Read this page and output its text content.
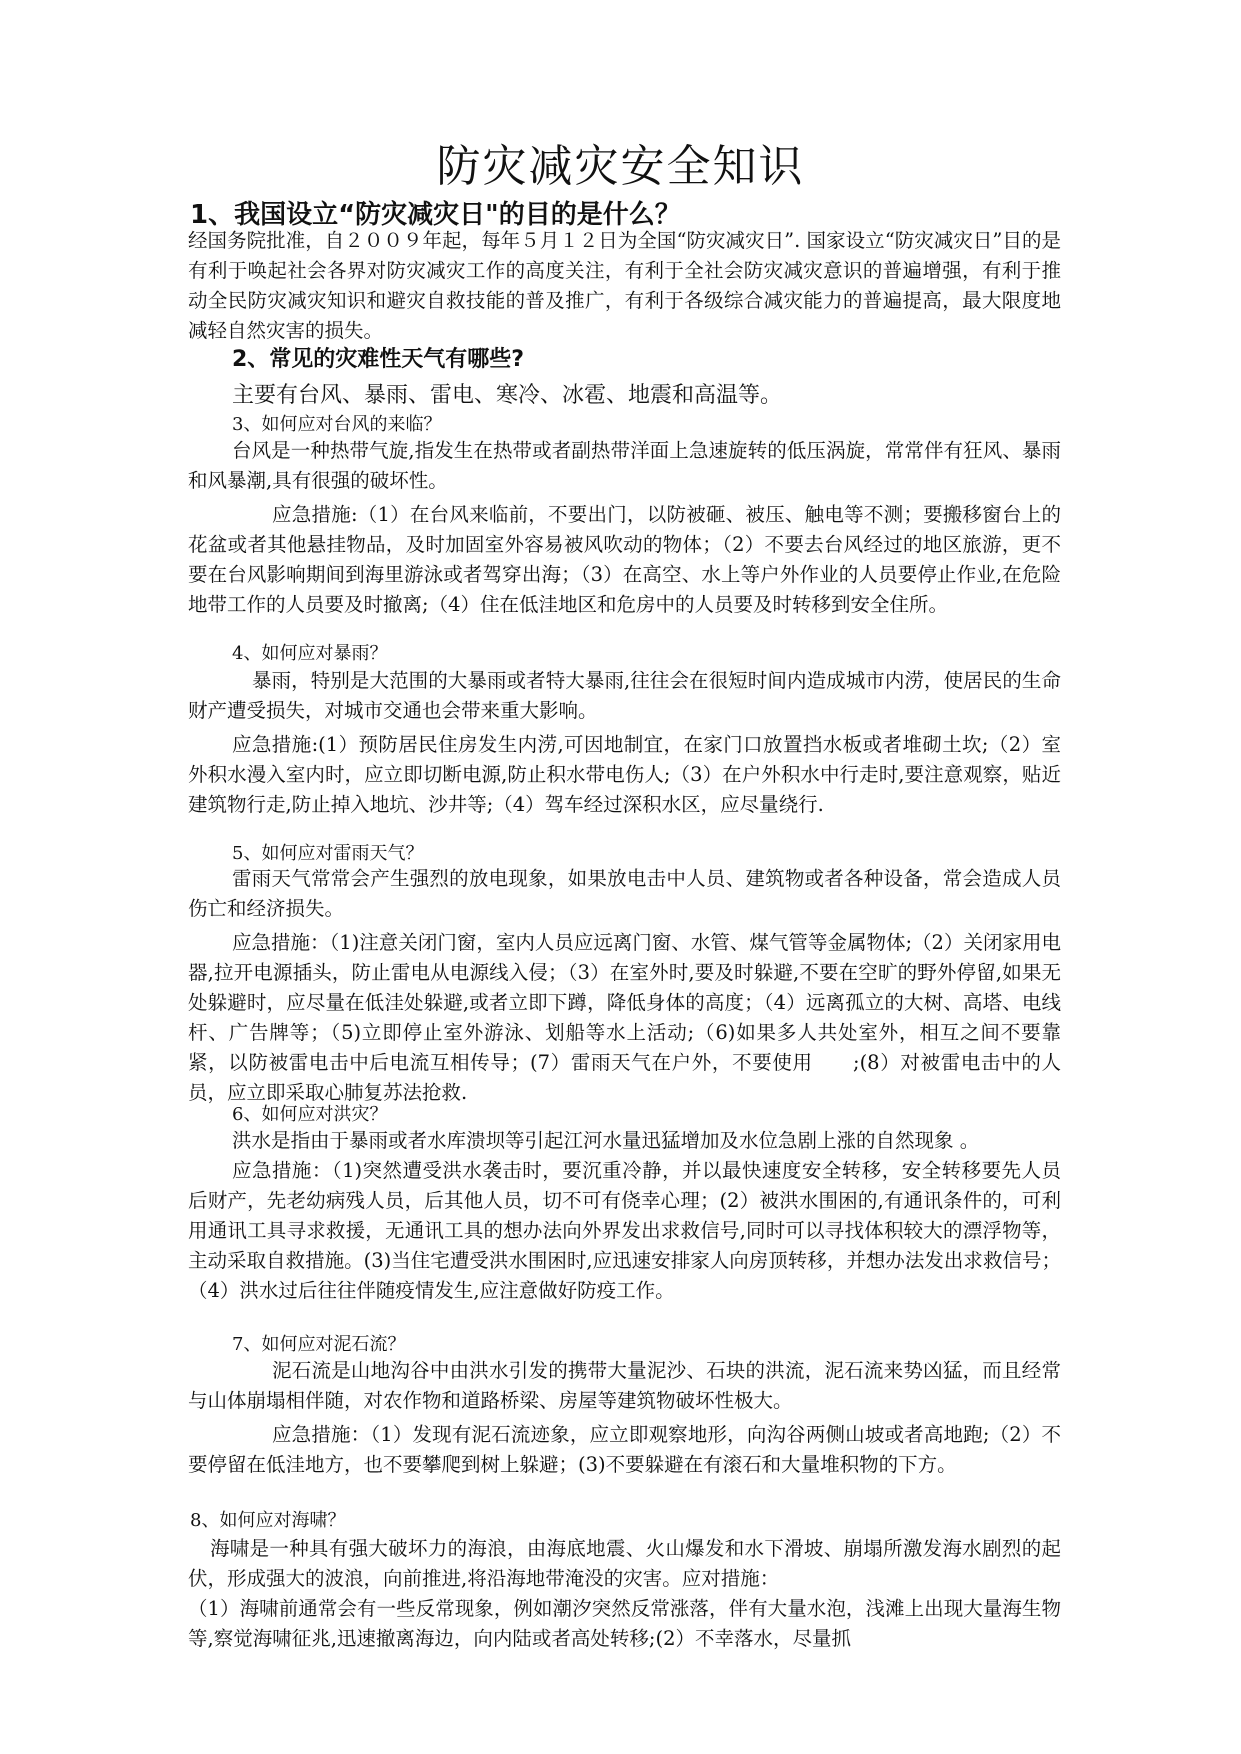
防灾减灾安全知识
1、我国设立“防灾减灾日"的目的是什么？

经国务院批准，自２００９年起，每年５月１２日为全国“防灾减灾日”. 国家设立“防灾减灾日”目的是有利于唤起社会各界对防灾减灾工作的高度关注，有利于全社会防灾减灾意识的普遍增强，有利于推动全民防灾减灾知识和避灾自救技能的普及推广，有利于各级综合减灾能力的普遍提高，最大限度地减轻自然灾害的损失。

2、常见的灾难性天气有哪些?
主要有台风、暴雨、雷电、寒冷、冰雹、地震和高温等。
3、如何应对台风的来临？

台风是一种热带气旋,指发生在热带或者副热带洋面上急速旋转的低压涡旋，常常伴有狂风、暴雨和风暴潮,具有很强的破坏性。

应急措施:（1）在台风来临前，不要出门，以防被砸、被压、触电等不测；要搬移窗台上的花盆或者其他悬挂物品，及时加固室外容易被风吹动的物体；（2）不要去台风经过的地区旅游，更不要在台风影响期间到海里游泳或者驾穿出海；（3）在高空、水上等户外作业的人员要停止作业,在危险地带工作的人员要及时撤离;（4）住在低洼地区和危房中的人员要及时转移到安全住所。

4、如何应对暴雨？

暴雨，特别是大范围的大暴雨或者特大暴雨,往往会在很短时间内造成城市内涝，使居民的生命财产遭受损失，对城市交通也会带来重大影响。

应急措施:(1）预防居民住房发生内涝,可因地制宜，在家门口放置挡水板或者堆砌土坎;（2）室外积水漫入室内时，应立即切断电源,防止积水带电伤人;（3）在户外积水中行走时,要注意观察，贴近建筑物行走,防止掉入地坑、沙井等;（4）驾车经过深积水区，应尽量绕行.

5、如何应对雷雨天气？

雷雨天气常常会产生强烈的放电现象，如果放电击中人员、建筑物或者各种设备，常会造成人员伤亡和经济损失。

应急措施：（1)注意关闭门窗，室内人员应远离门窗、水管、煤气管等金属物体;（2）关闭家用电器,拉开电源插头，防止雷电从电源线入侵；（3）在室外时,要及时躲避,不要在空旷的野外停留,如果无处躲避时，应尽量在低洼处躲避,或者立即下蹲，降低身体的高度；（4）远离孤立的大树、高塔、电线杆、广告牌等；（5)立即停止室外游泳、划船等水上活动;（6)如果多人共处室外，相互之间不要靠紧，以防被雷电击中后电流互相传导；(7）雷雨天气在户外，不要使用　　;(8）对被雷电击中的人员，应立即采取心肺复苏法抢救.

6、如何应对洪灾？

洪水是指由于暴雨或者水库溃坝等引起江河水量迅猛增加及水位急剧上涨的自然现象 。

应急措施：（1)突然遭受洪水袭击时，要沉重冷静，并以最快速度安全转移，安全转移要先人员后财产，先老幼病残人员，后其他人员，切不可有侥幸心理；(2）被洪水围困的,有通讯条件的，可利用通讯工具寻求救援，无通讯工具的想办法向外界发出求救信号,同时可以寻找体积较大的漂浮物等，主动采取自救措施。(3)当住宅遭受洪水围困时,应迅速安排家人向房顶转移，并想办法发出求救信号；（4）洪水过后往往伴随疫情发生,应注意做好防疫工作。

7、如何应对泥石流？

泥石流是山地沟谷中由洪水引发的携带大量泥沙、石块的洪流，泥石流来势凶猛，而且经常与山体崩塌相伴随，对农作物和道路桥梁、房屋等建筑物破坏性极大。

应急措施：（1）发现有泥石流迹象，应立即观察地形，向沟谷两侧山坡或者高地跑;（2）不要停留在低洼地方，也不要攀爬到树上躲避；(3)不要躲避在有滚石和大量堆积物的下方。

8、如何应对海啸？

海啸是一种具有强大破坏力的海浪，由海底地震、火山爆发和水下滑坡、崩塌所激发海水剧烈的起伏，形成强大的波浪，向前推进,将沿海地带淹没的灾害。应对措施：

（1）海啸前通常会有一些反常现象，例如潮汐突然反常涨落，伴有大量水泡，浅滩上出现大量海生物等,察觉海啸征兆,迅速撤离海边，向内陆或者高处转移;(2）不幸落水，尽量抓
